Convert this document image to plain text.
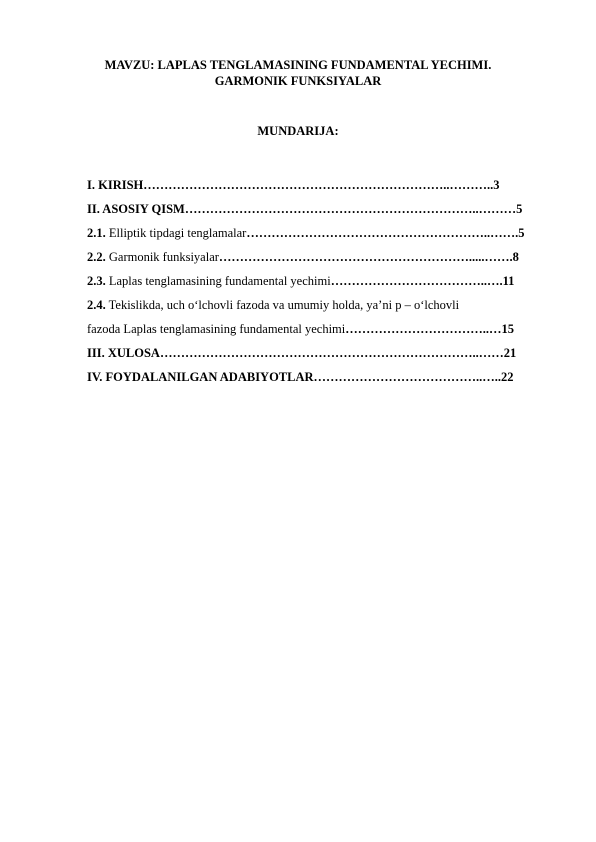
MAVZU: LAPLAS TENGLAMASINING FUNDAMENTAL YECHIMI.
GARMONIK FUNKSIYALAR
MUNDARIJA:
I. KIRISH………………………………………………………………..………..3
II. ASOSIY QISM……………………………………………………………..………5
2.1. Elliptik tipdagi tenglamalar…………………………………………………..…….5
2.2. Garmonik funksiyalar…………………………………………………….....…….8
2.3. Laplas tenglamasining fundamental yechimi………………………………..….11
2.4. Tekislikda, uch o‘lchovli fazoda va umumiy holda, ya’ni p – o‘lchovli
fazoda Laplas tenglamasining fundamental yechimi……………………………..…15
III. XULOSA…………………………………………………………………..……21
IV. FOYDALANILGAN ADABIYOTLAR…………………………………..…..22
